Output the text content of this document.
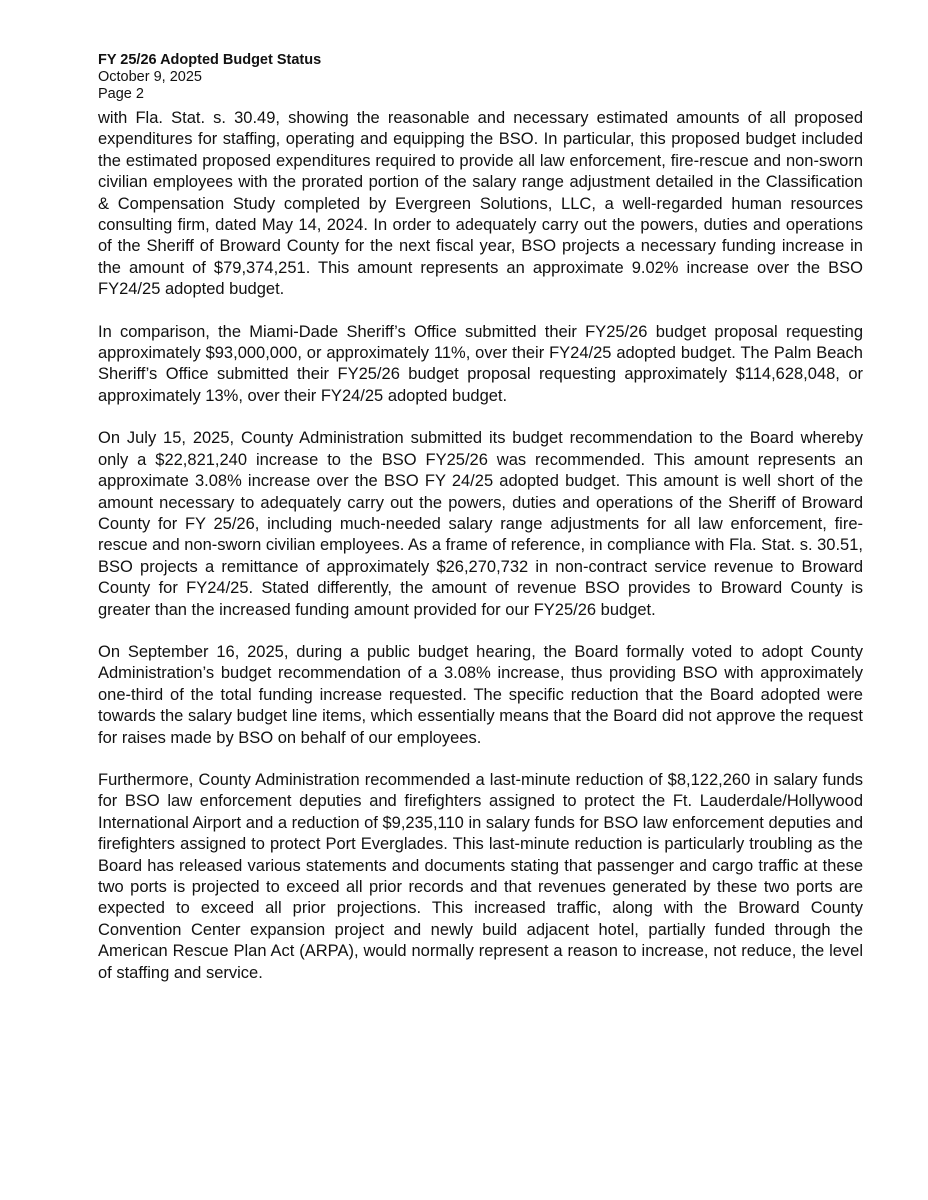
FY 25/26 Adopted Budget Status

October 9, 2025

Page 2

with Fla. Stat. s. 30.49, showing the reasonable and necessary estimated amounts of all proposed expenditures for staffing, operating and equipping the BSO. In particular, this proposed budget included the estimated proposed expenditures required to provide all law enforcement, fire-rescue and non-sworn civilian employees with the prorated portion of the salary range adjustment detailed in the Classification & Compensation Study completed by Evergreen Solutions, LLC, a well-regarded human resources consulting firm, dated May 14, 2024. In order to adequately carry out the powers, duties and operations of the Sheriff of Broward County for the next fiscal year, BSO projects a necessary funding increase in the amount of $79,374,251. This amount represents an approximate 9.02% increase over the BSO FY24/25 adopted budget.

In comparison, the Miami-Dade Sheriff’s Office submitted their FY25/26 budget proposal requesting approximately $93,000,000, or approximately 11%, over their FY24/25 adopted budget. The Palm Beach Sheriff’s Office submitted their FY25/26 budget proposal requesting approximately $114,628,048, or approximately 13%, over their FY24/25 adopted budget.

On July 15, 2025, County Administration submitted its budget recommendation to the Board whereby only a $22,821,240 increase to the BSO FY25/26 was recommended. This amount represents an approximate 3.08% increase over the BSO FY 24/25 adopted budget. This amount is well short of the amount necessary to adequately carry out the powers, duties and operations of the Sheriff of Broward County for FY 25/26, including much-needed salary range adjustments for all law enforcement, fire-rescue and non-sworn civilian employees. As a frame of reference, in compliance with Fla. Stat. s. 30.51, BSO projects a remittance of approximately $26,270,732 in non-contract service revenue to Broward County for FY24/25. Stated differently, the amount of revenue BSO provides to Broward County is greater than the increased funding amount provided for our FY25/26 budget.

On September 16, 2025, during a public budget hearing, the Board formally voted to adopt County Administration’s budget recommendation of a 3.08% increase, thus providing BSO with approximately one-third of the total funding increase requested. The specific reduction that the Board adopted were towards the salary budget line items, which essentially means that the Board did not approve the request for raises made by BSO on behalf of our employees.

Furthermore, County Administration recommended a last-minute reduction of $8,122,260 in salary funds for BSO law enforcement deputies and firefighters assigned to protect the Ft. Lauderdale/Hollywood International Airport and a reduction of $9,235,110 in salary funds for BSO law enforcement deputies and firefighters assigned to protect Port Everglades. This last-minute reduction is particularly troubling as the Board has released various statements and documents stating that passenger and cargo traffic at these two ports is projected to exceed all prior records and that revenues generated by these two ports are expected to exceed all prior projections. This increased traffic, along with the Broward County Convention Center expansion project and newly build adjacent hotel, partially funded through the American Rescue Plan Act (ARPA), would normally represent a reason to increase, not reduce, the level of staffing and service.
